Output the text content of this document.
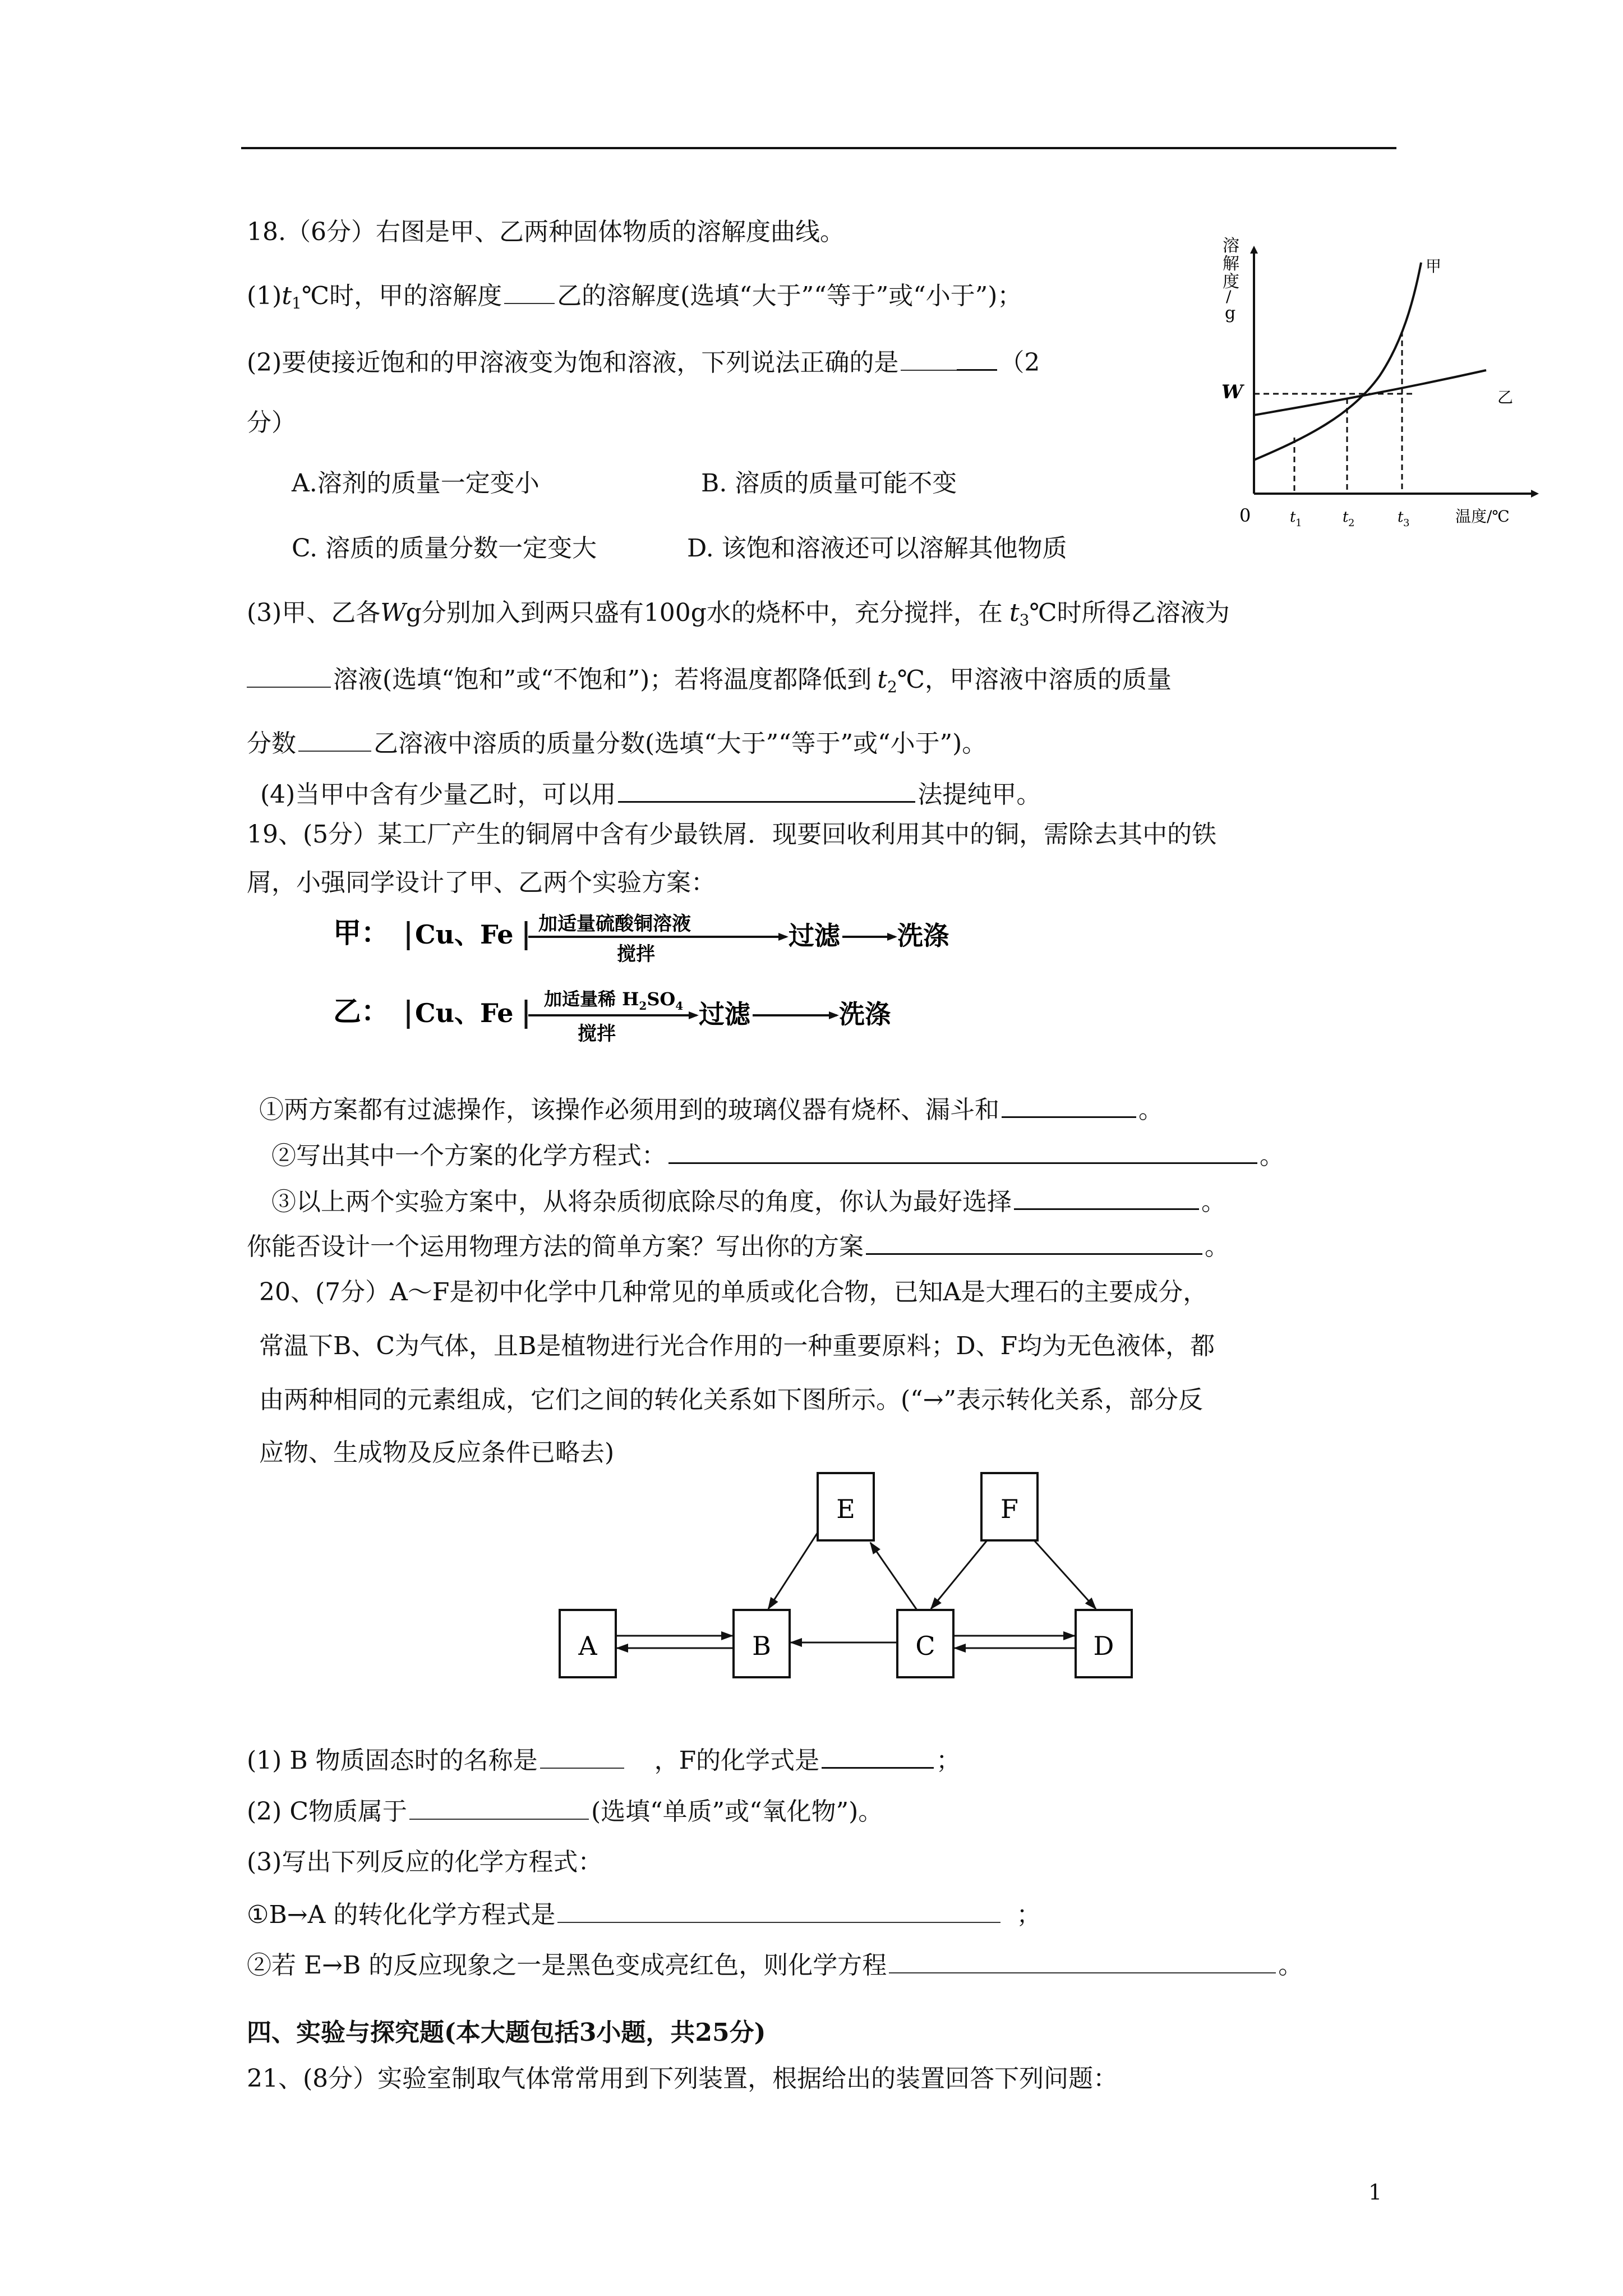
18.（6分）右图是甲、乙两种固体物质的溶解度曲线。
$(1)t_1℃$时，甲的溶解度 乙的溶解度(选填“大于”“等于”或“小于”)；
(2)要使接近饱和的甲溶液变为饱和溶液，下列说法正确的是	（2
分）
A.溶剂的质量一定变小	B. 溶质的质量可能不变
C. 溶质的质量分数一定变大	D. 该饱和溶液还可以溶解其他物质
(3)甲、乙各Wg分别加入到两只盛有100g水的烧杯中，充分搅拌，在 $t_3℃$时所得乙溶液为
溶液(选填“饱和”或“不饱和”)；若将温度都降低到 $t_2℃$，甲溶液中溶质的质量
分数	乙溶液中溶质的质量分数(选填“大于”“等于”或“小于”)。
(4)当甲中含有少量乙时，可以用	法提纯甲。
溶
解
度
/
g
W
甲
乙
0	t 1	t 2	t 3	温度/℃
19、(5分）某工厂产生的铜屑中含有少最铁屑．现要回收利用其中的铜，需除去其中的铁
屑，小强同学设计了甲、乙两个实验方案：
甲： Cu、Fe 加适量硫酸铜溶液
搅拌
过滤 洗涤
乙： Cu、Fe 加适量稀 $H_2SO_4$
搅拌
过滤	洗涤
①两方案都有过滤操作，该操作必须用到的玻璃仪器有烧杯、漏斗和	。
②写出其中一个方案的化学方程式：	。
③以上两个实验方案中，从将杂质彻底除尽的角度，你认为最好选择	。
你能否设计一个运用物理方法的简单方案？写出你的方案	。
20、(7分）A～F是初中化学中几种常见的单质或化合物，已知A是大理石的主要成分，
常温下B、C为气体，且B是植物进行光合作用的一种重要原料；D、F均为无色液体，都
由两种相同的元素组成，它们之间的转化关系如下图所示。(“→”表示转化关系，部分反
应物、生成物及反应条件已略去)
E	F
A	B	C	D
(1) B 物质固态时的名称是	，F的化学式是	；
(2) C物质属于	(选填“单质”或“氧化物”)。
(3)写出下列反应的化学方程式：
①B→A 的转化化学方程式是	；
②若 E→B 的反应现象之一是黑色变成亮红色，则化学方程	。
四、实验与探究题(本大题包括3小题，共25分)
21、(8分）实验室制取气体常常用到下列装置，根据给出的装置回答下列问题：
1
